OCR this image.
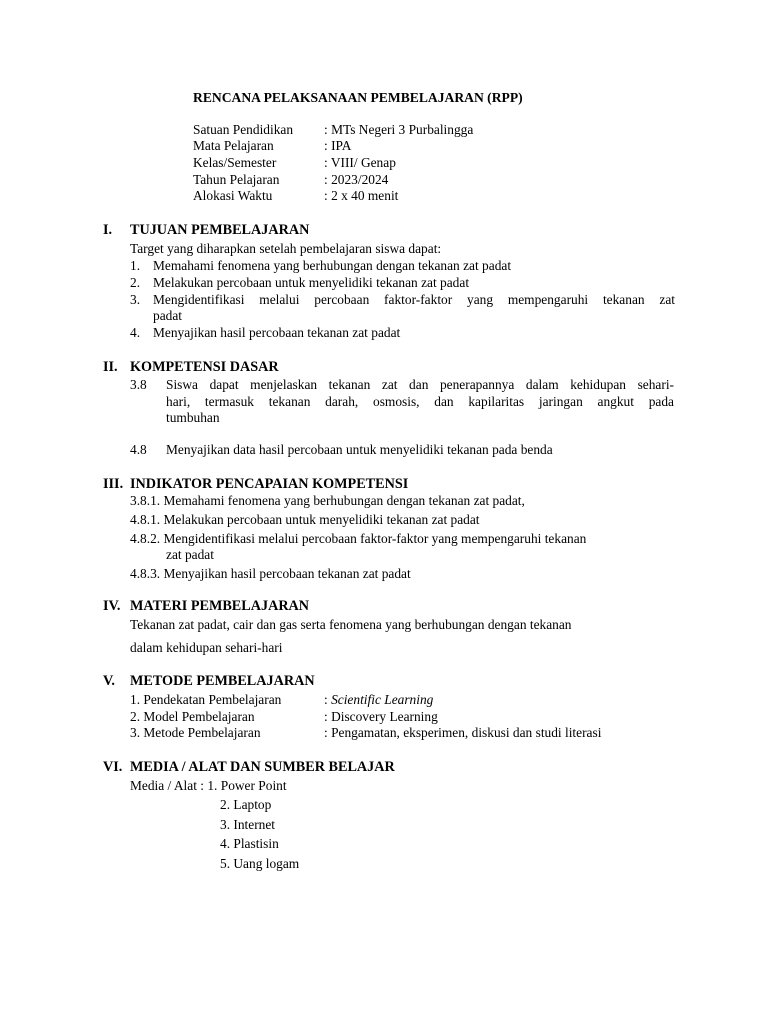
RENCANA PELAKSANAAN PEMBELAJARAN (RPP)
Satuan Pendidikan : MTs Negeri 3 Purbalingga
Mata Pelajaran	: IPA
Kelas/Semester	: VIII/ Genap
Tahun Pelajaran	: 2023/2024
Alokasi Waktu	: 2 x 40 menit
I. TUJUAN PEMBELAJARAN
Target yang diharapkan setelah pembelajaran siswa dapat:
1. Memahami fenomena yang berhubungan dengan tekanan zat padat
2. Melakukan percobaan untuk menyelidiki tekanan zat padat
3. Mengidentifikasi melalui percobaan faktor-faktor yang mempengaruhi tekanan zat
padat
4. Menyajikan hasil percobaan tekanan zat padat
II. KOMPETENSI DASAR
3.8 Siswa dapat menjelaskan tekanan zat dan penerapannya dalam kehidupan sehari-
hari, termasuk tekanan darah, osmosis, dan kapilaritas jaringan angkut pada
tumbuhan
4.8 Menyajikan data hasil percobaan untuk menyelidiki tekanan pada benda
III. INDIKATOR PENCAPAIAN KOMPETENSI
3.8.1. Memahami fenomena yang berhubungan dengan tekanan zat padat,
4.8.1. Melakukan percobaan untuk menyelidiki tekanan zat padat
4.8.2. Mengidentifikasi melalui percobaan faktor-faktor yang mempengaruhi tekanan
zat padat
4.8.3. Menyajikan hasil percobaan tekanan zat padat
IV. MATERI PEMBELAJARAN
Tekanan zat padat, cair dan gas serta fenomena yang berhubungan dengan tekanan
dalam kehidupan sehari-hari
V. METODE PEMBELAJARAN
1. Pendekatan Pembelajaran	: Scientific Learning
2. Model Pembelajaran	: Discovery Learning
3. Metode Pembelajaran	: Pengamatan, eksperimen, diskusi dan studi literasi
VI. MEDIA / ALAT DAN SUMBER BELAJAR
Media / Alat : 1. Power Point
2. Laptop
3. Internet
4. Plastisin
5. Uang logam
